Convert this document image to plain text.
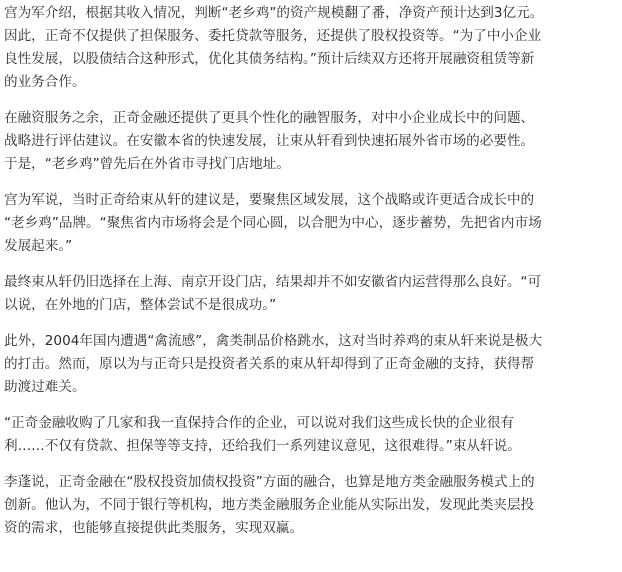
宫为军介绍，根据其收入情况，判断“老乡鸡”的资产规模翻了番，净资产预计达到3亿元。
因此，正奇不仅提供了担保服务、委托贷款等服务，还提供了股权投资等。“为了中小企业
良性发展，以股债结合这种形式，优化其债务结构。”预计后续双方还将开展融资租赁等新
的业务合作。
在融资服务之余，正奇金融还提供了更具个性化的融智服务，对中小企业成长中的问题、
战略进行评估建议。在安徽本省的快速发展，让束从轩看到快速拓展外省市场的必要性。
于是，“老乡鸡”曾先后在外省市寻找门店地址。
宫为军说，当时正奇给束从轩的建议是，要聚焦区域发展，这个战略或许更适合成长中的
“老乡鸡”品牌。“聚焦省内市场将会是个同心圆，以合肥为中心，逐步蓄势，先把省内市场
发展起来。”
最终束从轩仍旧选择在上海、南京开设门店，结果却并不如安徽省内运营得那么良好。“可
以说，在外地的门店，整体尝试不是很成功。”
此外，2004年国内遭遇“禽流感”，禽类制品价格跳水，这对当时养鸡的束从轩来说是极大
的打击。然而，原以为与正奇只是投资者关系的束从轩却得到了正奇金融的支持，获得帮
助渡过难关。
“正奇金融收购了几家和我一直保持合作的企业，可以说对我们这些成长快的企业很有
利……不仅有贷款、担保等等支持，还给我们一系列建议意见，这很难得。”束从轩说。
李蓬说，正奇金融在“股权投资加债权投资”方面的融合，也算是地方类金融服务模式上的
创新。他认为，不同于银行等机构，地方类金融服务企业能从实际出发，发现此类夹层投
资的需求，也能够直接提供此类服务，实现双赢。
